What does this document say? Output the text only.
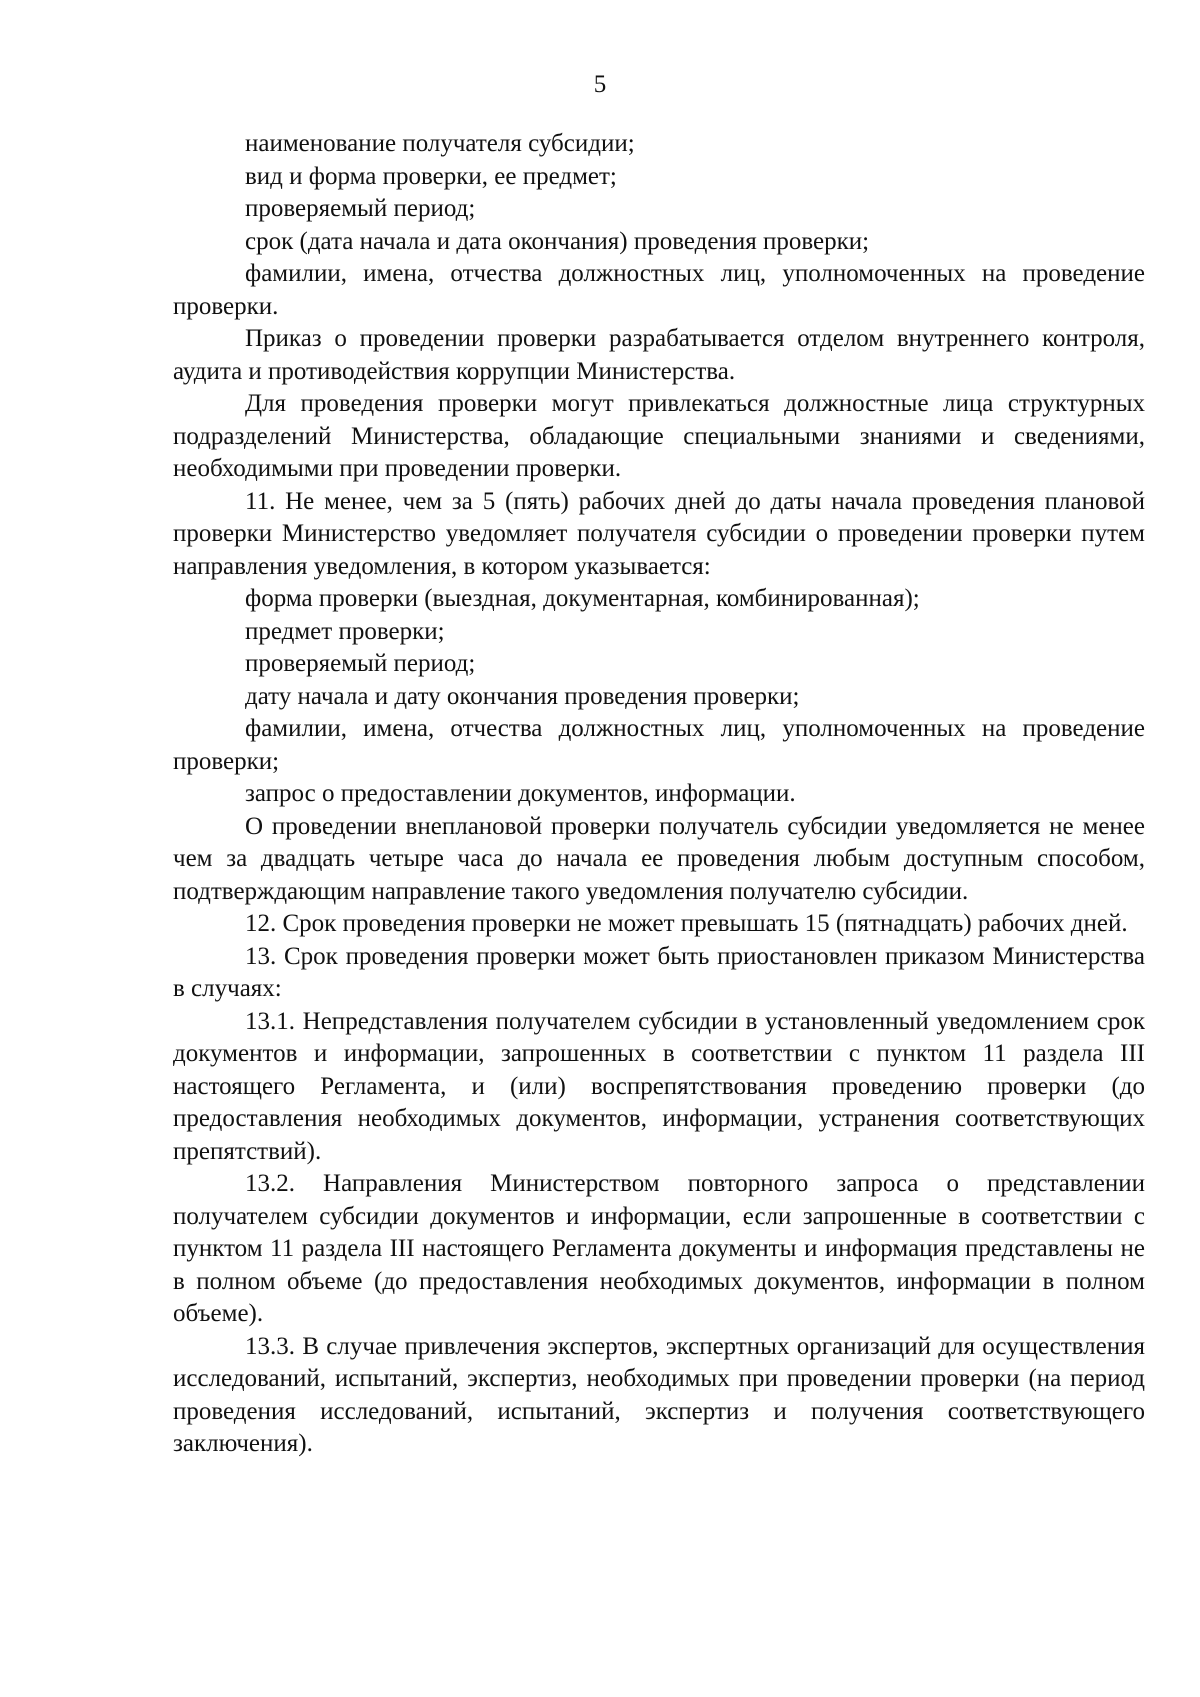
5
наименование получателя субсидии;
вид и форма проверки, ее предмет;
проверяемый период;
срок (дата начала и дата окончания) проведения проверки;
фамилии, имена, отчества должностных лиц, уполномоченных на проведение проверки.
Приказ о проведении проверки разрабатывается отделом внутреннего контроля, аудита и противодействия коррупции Министерства.
Для проведения проверки могут привлекаться должностные лица структурных подразделений Министерства, обладающие специальными знаниями и сведениями, необходимыми при проведении проверки.
11. Не менее, чем за 5 (пять) рабочих дней до даты начала проведения плановой проверки Министерство уведомляет получателя субсидии о проведении проверки путем направления уведомления, в котором указывается:
форма проверки (выездная, документарная, комбинированная);
предмет проверки;
проверяемый период;
дату начала и дату окончания проведения проверки;
фамилии, имена, отчества должностных лиц, уполномоченных на проведение проверки;
запрос о предоставлении документов, информации.
О проведении внеплановой проверки получатель субсидии уведомляется не менее чем за двадцать четыре часа до начала ее проведения любым доступным способом, подтверждающим направление такого уведомления получателю субсидии.
12. Срок проведения проверки не может превышать 15 (пятнадцать) рабочих дней.
13. Срок проведения проверки может быть приостановлен приказом Министерства в случаях:
13.1. Непредставления получателем субсидии в установленный уведомлением срок документов и информации, запрошенных в соответствии с пунктом 11 раздела III настоящего Регламента, и (или) воспрепятствования проведению проверки (до предоставления необходимых документов, информации, устранения соответствующих препятствий).
13.2. Направления Министерством повторного запроса о представлении получателем субсидии документов и информации, если запрошенные в соответствии с пунктом 11 раздела III настоящего Регламента документы и информация представлены не в полном объеме (до предоставления необходимых документов, информации в полном объеме).
13.3. В случае привлечения экспертов, экспертных организаций для осуществления исследований, испытаний, экспертиз, необходимых при проведении проверки (на период проведения исследований, испытаний, экспертиз и получения соответствующего заключения).
